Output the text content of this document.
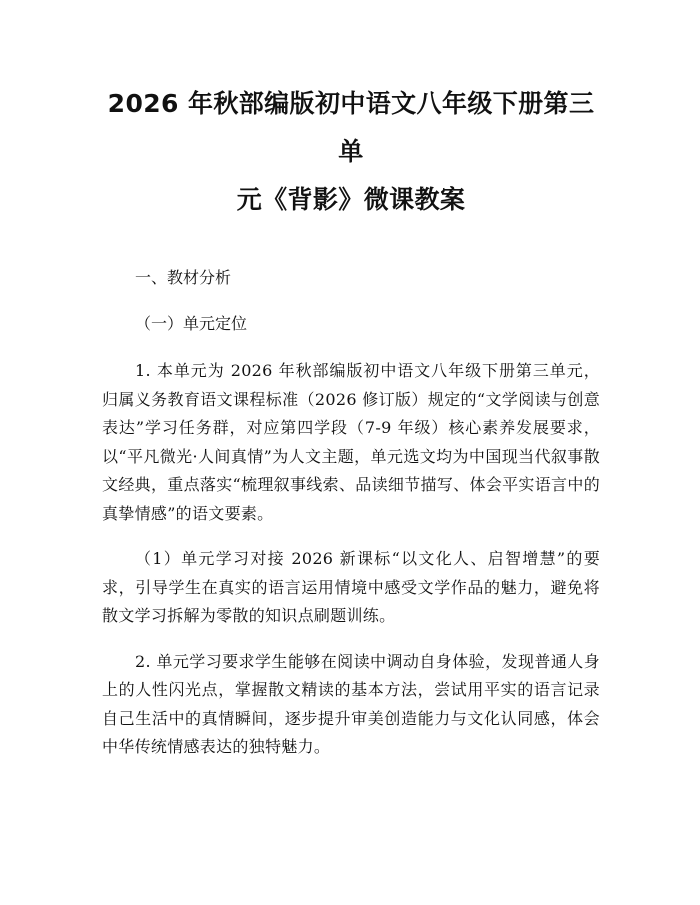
2026 年秋部编版初中语文八年级下册第三单
元《背影》微课教案

一、教材分析

（一）单元定位

1. 本单元为 2026 年秋部编版初中语文八年级下册第三单元，归属义务教育语文课程标准（2026 修订版）规定的“文学阅读与创意表达”学习任务群，对应第四学段（7-9 年级）核心素养发展要求，以“平凡微光·人间真情”为人文主题，单元选文均为中国现当代叙事散文经典，重点落实“梳理叙事线索、品读细节描写、体会平实语言中的真挚情感”的语文要素。

（1）单元学习对接 2026 新课标“以文化人、启智增慧”的要求，引导学生在真实的语言运用情境中感受文学作品的魅力，避免将散文学习拆解为零散的知识点刷题训练。

2. 单元学习要求学生能够在阅读中调动自身体验，发现普通人身上的人性闪光点，掌握散文精读的基本方法，尝试用平实的语言记录自己生活中的真情瞬间，逐步提升审美创造能力与文化认同感，体会中华传统情感表达的独特魅力。
